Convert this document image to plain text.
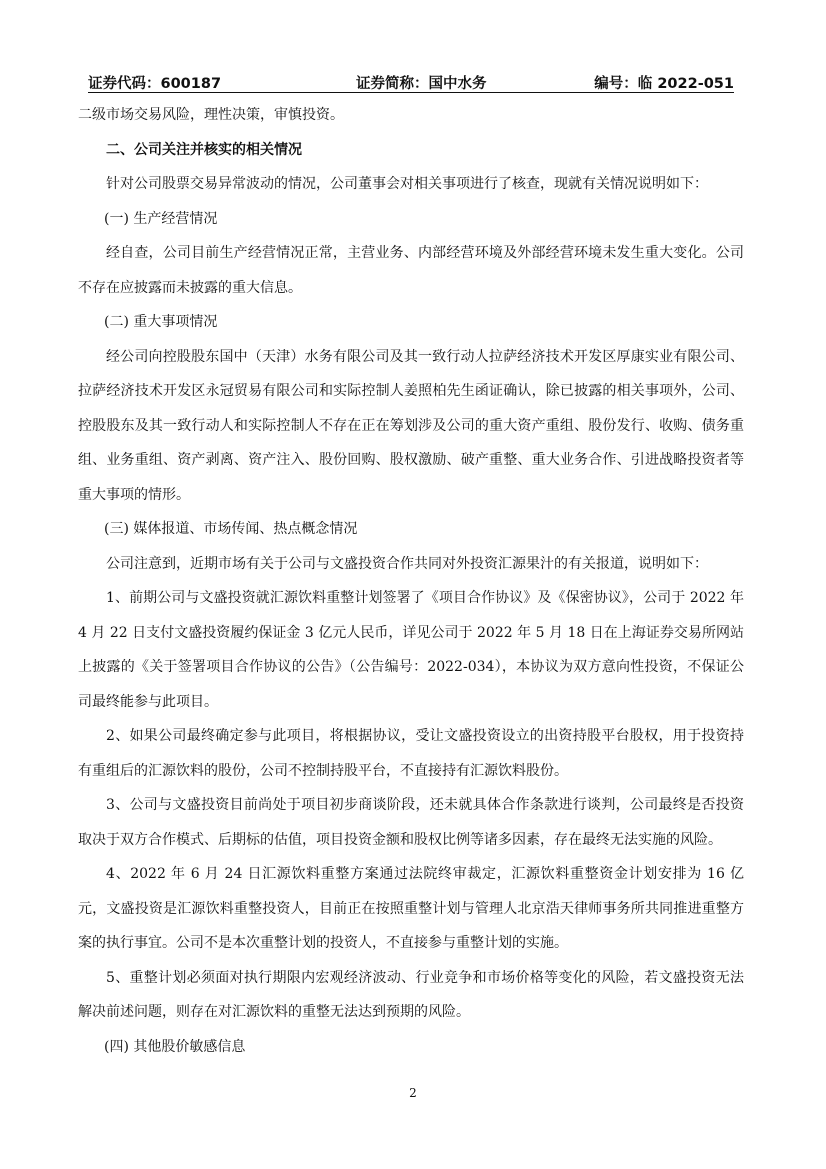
证券代码：600187	证券简称：国中水务	编号：临 2022-051

二级市场交易风险，理性决策，审慎投资。

二、公司关注并核实的相关情况

针对公司股票交易异常波动的情况，公司董事会对相关事项进行了核查，现就有关情况说明如下：

(一) 生产经营情况

经自查，公司目前生产经营情况正常，主营业务、内部经营环境及外部经营环境未发生重大变化。公司不存在应披露而未披露的重大信息。

(二) 重大事项情况

经公司向控股股东国中（天津）水务有限公司及其一致行动人拉萨经济技术开发区厚康实业有限公司、拉萨经济技术开发区永冠贸易有限公司和实际控制人姜照柏先生函证确认，除已披露的相关事项外，公司、控股股东及其一致行动人和实际控制人不存在正在筹划涉及公司的重大资产重组、股份发行、收购、债务重组、业务重组、资产剥离、资产注入、股份回购、股权激励、破产重整、重大业务合作、引进战略投资者等重大事项的情形。

(三) 媒体报道、市场传闻、热点概念情况

公司注意到，近期市场有关于公司与文盛投资合作共同对外投资汇源果汁的有关报道，说明如下：

1、前期公司与文盛投资就汇源饮料重整计划签署了《项目合作协议》及《保密协议》，公司于 2022 年 4 月 22 日支付文盛投资履约保证金 3 亿元人民币，详见公司于 2022 年 5 月 18 日在上海证券交易所网站上披露的《关于签署项目合作协议的公告》（公告编号：2022-034），本协议为双方意向性投资，不保证公司最终能参与此项目。

2、如果公司最终确定参与此项目，将根据协议，受让文盛投资设立的出资持股平台股权，用于投资持有重组后的汇源饮料的股份，公司不控制持股平台，不直接持有汇源饮料股份。

3、公司与文盛投资目前尚处于项目初步商谈阶段，还未就具体合作条款进行谈判，公司最终是否投资取决于双方合作模式、后期标的估值，项目投资金额和股权比例等诸多因素，存在最终无法实施的风险。

4、2022 年 6 月 24 日汇源饮料重整方案通过法院终审裁定，汇源饮料重整资金计划安排为 16 亿元，文盛投资是汇源饮料重整投资人，目前正在按照重整计划与管理人北京浩天律师事务所共同推进重整方案的执行事宜。公司不是本次重整计划的投资人，不直接参与重整计划的实施。

5、重整计划必须面对执行期限内宏观经济波动、行业竞争和市场价格等变化的风险，若文盛投资无法解决前述问题，则存在对汇源饮料的重整无法达到预期的风险。

(四) 其他股价敏感信息

2
